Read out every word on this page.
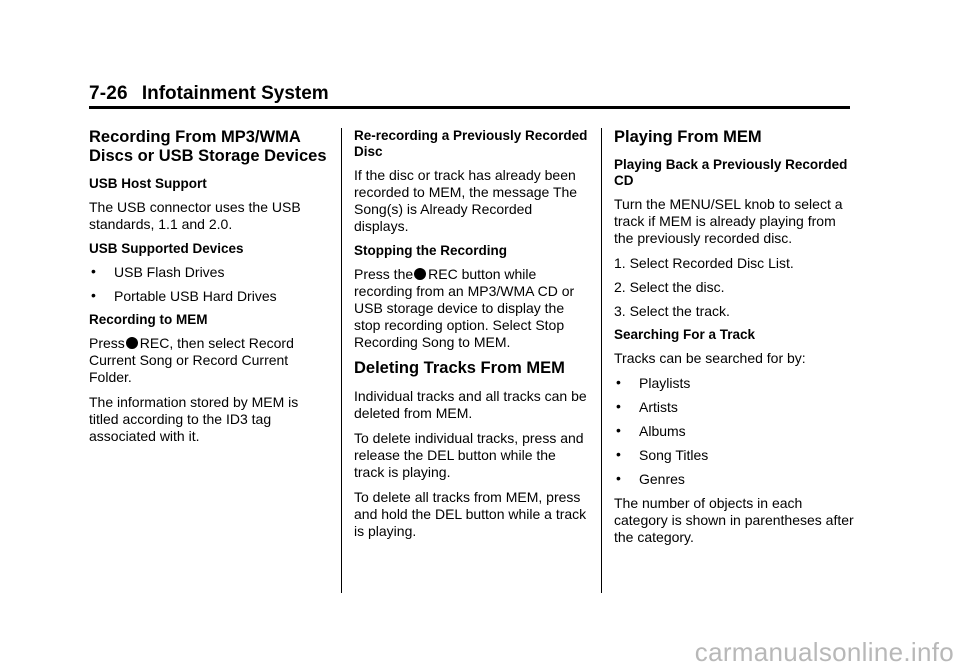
7-26 Infotainment System
Recording From MP3/WMA Discs or USB Storage Devices
USB Host Support

The USB connector uses the USB standards, 1.1 and 2.0.

USB Supported Devices
• USB Flash Drives
• Portable USB Hard Drives
Recording to MEM

Press REC, then select Record Current Song or Record Current Folder.

The information stored by MEM is titled according to the ID3 tag associated with it.

Re-recording a Previously Recorded Disc

If the disc or track has already been recorded to MEM, the message The Song(s) is Already Recorded displays.

Stopping the Recording

Press the REC button while recording from an MP3/WMA CD or USB storage device to display the stop recording option. Select Stop Recording Song to MEM.

Deleting Tracks From MEM

Individual tracks and all tracks can be deleted from MEM.

To delete individual tracks, press and release the DEL button while the track is playing.

To delete all tracks from MEM, press and hold the DEL button while a track is playing.

Playing From MEM
Playing Back a Previously Recorded CD

Turn the MENU/SEL knob to select a track if MEM is already playing from the previously recorded disc.

1. Select Recorded Disc List.
2. Select the disc.
3. Select the track.
Searching For a Track

Tracks can be searched for by:

• Playlists
• Artists
• Albums
• Song Titles
• Genres

The number of objects in each category is shown in parentheses after the category.

carmanualsonline.info
